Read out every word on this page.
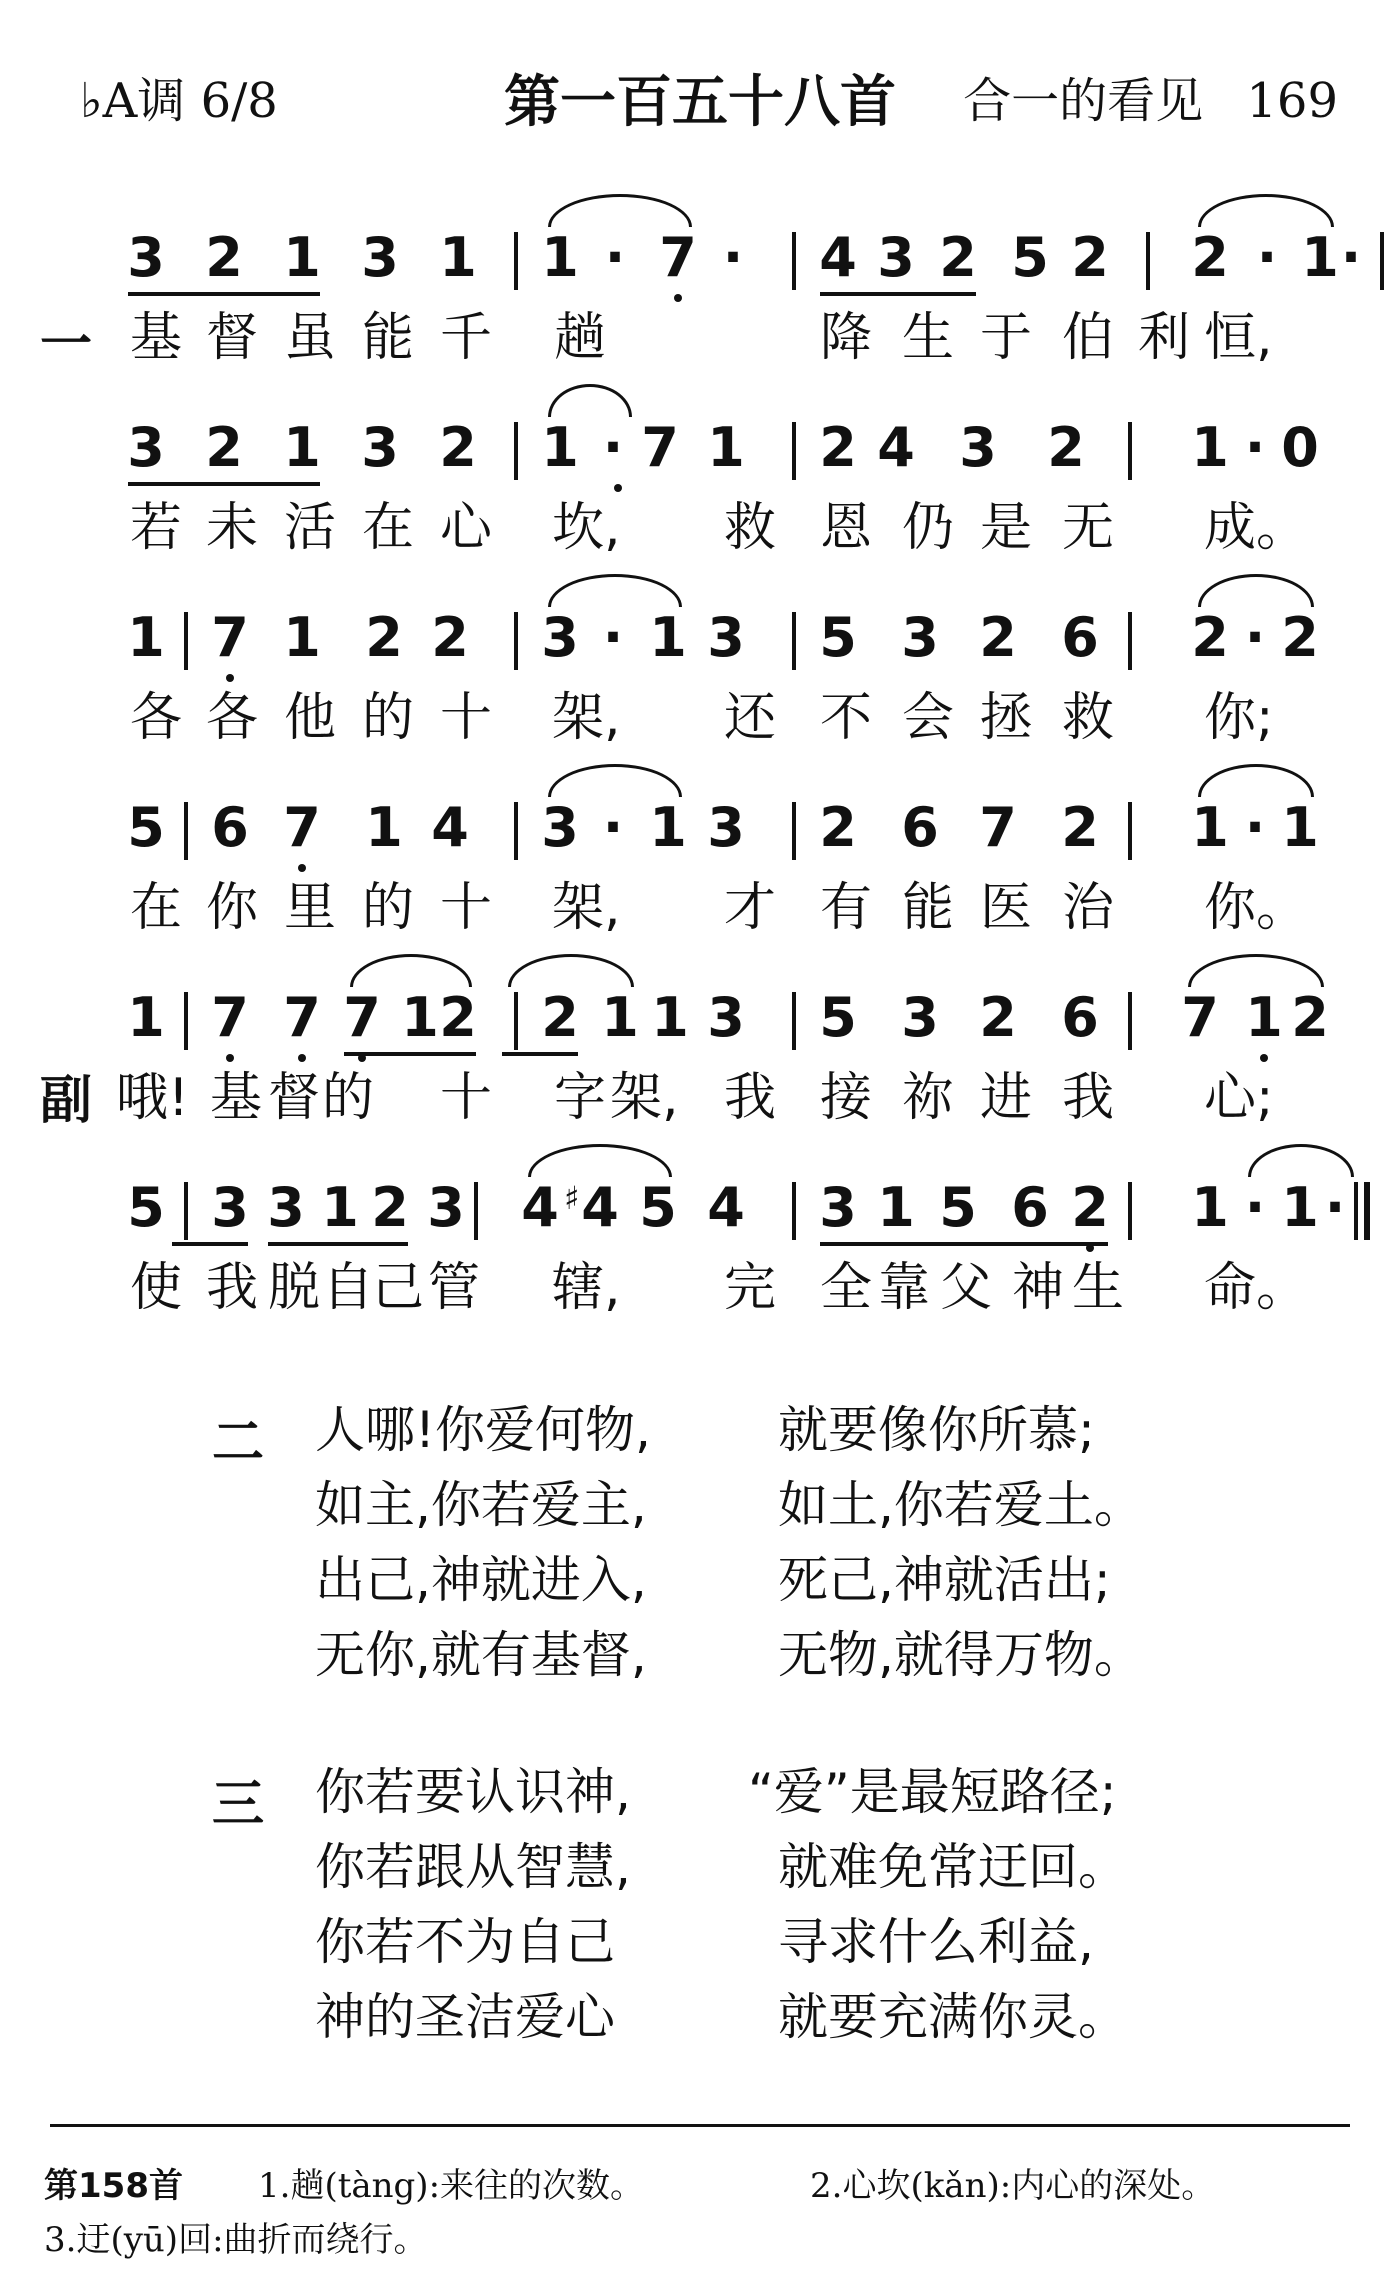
♭A调 6/8	第一百五十八首	合一的看见 169
3 2 1 3 1 1 · 7 · 4 3 2 5 2 2 · 1 ·
基 督 虽 能 千 趟	降 生 于 伯 利 恒,
3 2 1 3 2 1 · 7 1 2 4 3 2 1 · 0
若 未 活 在 心 坎,	救 恩 仍 是 无 成。
1 7 1 2 2 3 · 1 3 5 3 2 6 2 · 2
各 各 他 的 十 架,	还 不 会 拯 救 你;
5 6 7 1 4 3 · 1 3 2 6 7 2 1 · 1
在 你 里 的 十 架,	才 有 能 医 治 你。
1 7 7 7 1 2 2 1 1 3 5 3 2 6 7 1 2
哦! 基 督 的 十 字 架, 我 接 祢 进 我 心;
5 3 3 1 2 3 4 4
♯ 5 4 3 1 5 6 2 1 · 1 ·
使 我 脱 自
己 管 辖,	完 全 靠 父 神 生 命。
一
副
二 人哪!你爱何物,	就要像你所慕;
如主,你若爱主,	如土,你若爱土。
出己,神就进入,	死己,神就活出;
无你,就有基督,	无物,就得万物。
三 你若要认识神, “爱”是最短路径;
你若跟从智慧,	就难免常迂回。
你若不为自己	寻求什么利益,
神的圣洁爱心	就要充满你灵。
第158首 1.趟(tàng):来往的次数。	2.心坎(kǎn):内心的深处。
3.迂(yū)回:曲折而绕行。
